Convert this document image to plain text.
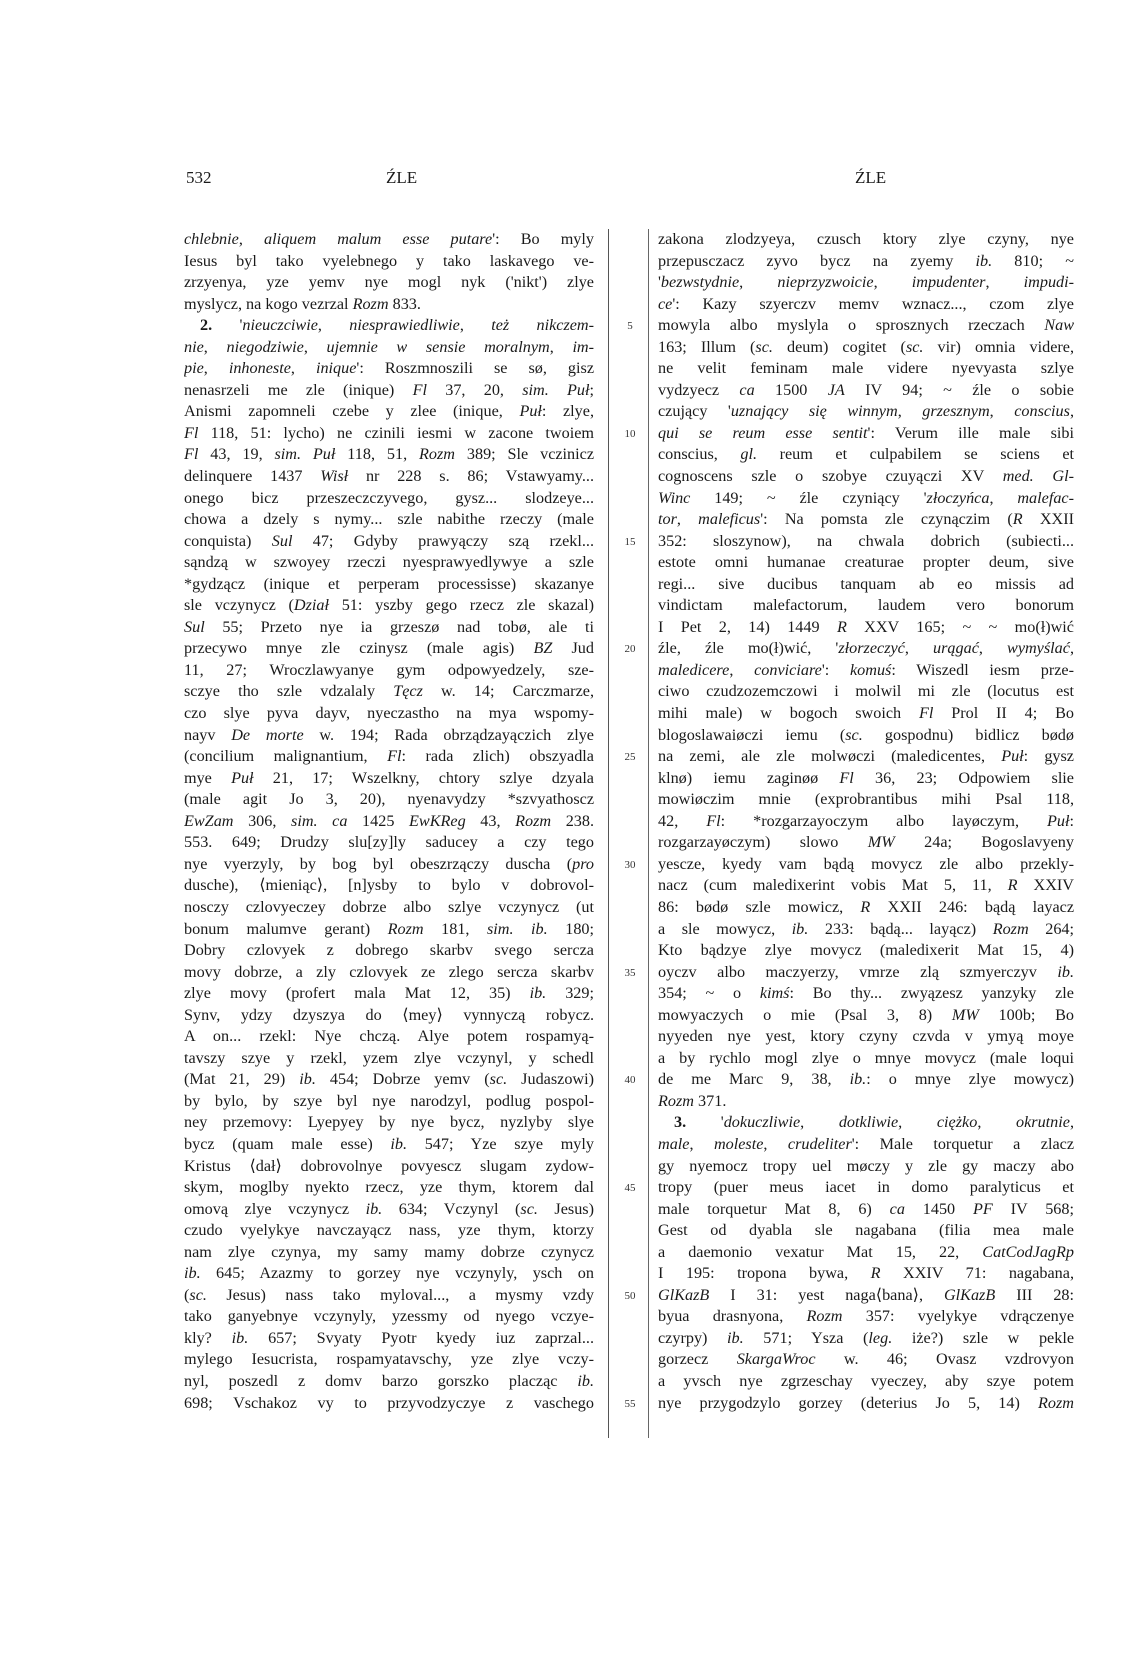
532	ŹLE	ŹLE
chlebnie, aliquem malum esse putare': Bo myly
Iesus byl tako vyelebnego y tako laskavego ve-
zrzyenya, yze yemv nye mogl nyk ('nikt') zlye
myslycz, na kogo vezrzal Rozm 833.
2. 'nieuczciwie, niesprawiedliwie, też nikczem-
nie, niegodziwie, ujemnie w sensie moralnym, im-
pie, inhoneste, inique': Roszmnoszili se sø, gisz
nenasrzeli me zle (inique) Fl 37, 20, sim. Puł;
Anismi zapomneli czebe y zlee (inique, Puł: zlye,
Fl 118, 51: lycho) ne czinili iesmi w zacone twoiem
Fl 43, 19, sim. Puł 118, 51, Rozm 389; Sle vczinicz
delinquere 1437 Wisł nr 228 s. 86; Vstawyamy...
onego bicz przeszeczczyvego, gysz... slodzeye...
chowa a dzely s nymy... szle nabithe rzeczy (male
conquista) Sul 47; Gdyby prawyączy szą rzekl...
sąndzą w szwoyey rzeczi nyesprawyedlywye a szle
*gydzącz (inique et perperam processisse) skazanye
sle vczynycz (Dział 51: yszby gego rzecz zle skazal)
Sul 55; Przeto nye ia grzeszø nad tobø, ale ti
przecywo mnye zle czinysz (male agis) BZ Jud
11, 27; Wroczlawyanye gym odpowyedzely, sze-
sczye tho szle vdzalaly Tęcz w. 14; Carczmarze,
czo slye pyva dayv, nyeczastho na mya wspomy-
nayv De morte w. 194; Rada obrządzayączich zlye
(concilium malignantium, Fl: rada zlich) obszyadla
mye Puł 21, 17; Wszelkny, chtory szlye dzyala
(male agit Jo 3, 20), nyenavydzy *szvyathoscz
EwZam 306, sim. ca 1425 EwKReg 43, Rozm 238.
553. 649; Drudzy slu[zy]ly saducey a czy tego
nye vyerzyly, by bog byl obeszrzączy duscha (pro
dusche), ⟨mieniąc⟩, [n]ysby to bylo v dobrovol-
nosczy czlovyeczey dobrze albo szlye vczynycz (ut
bonum malumve gerant) Rozm 181, sim. ib. 180;
Dobry czlovyek z dobrego skarbv svego sercza
movy dobrze, a zly czlovyek ze zlego sercza skarbv
zlye movy (profert mala Mat 12, 35) ib. 329;
Synv, ydzy dzyszya do ⟨mey⟩ vynnyczą robycz.
A on... rzekl: Nye chczą. Alye potem rospamyą-
tavszy szye y rzekl, yzem zlye vczynyl, y schedl
(Mat 21, 29) ib. 454; Dobrze yemv (sc. Judaszowi)
by bylo, by szye byl nye narodzyl, podlug pospol-
ney przemovy: Lyepyey by nye bycz, nyzlyby slye
bycz (quam male esse) ib. 547; Yze szye myly
Kristus ⟨dał⟩ dobrovolnye povyescz slugam zydow-
skym, moglby nyekto rzecz, yze thym, ktorem dal
omovą zlye vczynycz ib. 634; Vczynyl (sc. Jesus)
czudo vyelykye navczayącz nass, yze thym, ktorzy
nam zlye czynya, my samy mamy dobrze czynycz
ib. 645; Azazmy to gorzey nye vczynyly, ysch on
(sc. Jesus) nass tako myloval..., a mysmy vzdy
tako ganyebnye vczynyly, yzessmy od nyego vczye-
kly? ib. 657; Svyaty Pyotr kyedy iuz zaprzal...
mylego Iesucrista, rospamyatavschy, yze zlye vczy-
nyl, poszedl z domv barzo gorszko placząc ib.
698; Vschakoz vy to przyvodzyczye z vaschego
5
10
15
20
25
30
35
40
45
50
55
zakona zlodzyeya, czusch ktory zlye czyny, nye
przepusczacz zyvo bycz na zyemy ib. 810; ~
'bezwstydnie, nieprzyzwoicie, impudenter, impudi-
ce': Kazy szyerczv memv wznacz..., czom zlye
mowyla albo myslyla o sprosznych rzeczach Naw
163; Illum (sc. deum) cogitet (sc. vir) omnia videre,
ne velit feminam male videre nyevyasta szlye
vydzyecz ca 1500 JA IV 94; ~ źle o sobie
czujący 'uznający się winnym, grzesznym, conscius,
qui se reum esse sentit': Verum ille male sibi
conscius, gl. reum et culpabilem se sciens et
cognoscens szle o szobye czuyączi XV med. Gl-
Winc 149; ~ źle czyniący 'złoczyńca, malefac-
tor, maleficus': Na pomsta zle czynączim (R XXII
352: sloszynow), na chwala dobrich (subiecti...
estote omni humanae creaturae propter deum, sive
regi... sive ducibus tanquam ab eo missis ad
vindictam malefactorum, laudem vero bonorum
I Pet 2, 14) 1449 R XXV 165; ~ ~ mo(ł)wić
źle, źle mo(ł)wić, 'złorzeczyć, urągać, wymyślać,
maledicere, conviciare': komuś: Wiszedl iesm prze-
ciwo czudzozemczowi i molwil mi zle (locutus est
mihi male) w bogoch swoich Fl Prol II 4; Bo
blogoslawaiøczi iemu (sc. gospodnu) bidlicz bødø
na zemi, ale zle molwøczi (maledicentes, Puł: gysz
klnø) iemu zaginøø Fl 36, 23; Odpowiem slie
mowiøczim mnie (exprobrantibus mihi Psal 118,
42, Fl: *rozgarzayoczym albo layøczym, Puł:
rozgarzayøczym) slowo MW 24a; Bogoslavyeny
yescze, kyedy vam bądą movycz zle albo przekly-
nacz (cum maledixerint vobis Mat 5, 11, R XXIV
86: bødø szle mowicz, R XXII 246: bądą layacz
a sle mowycz, ib. 233: bądą... layącz) Rozm 264;
Kto bądzye zlye movycz (maledixerit Mat 15, 4)
oyczv albo maczyerzy, vmrze zlą szmyerczyv ib.
354; ~ o kimś: Bo thy... zwyązesz yanzyky zle
mowyaczych o mie (Psal 3, 8) MW 100b; Bo
nyyeden nye yest, ktory czyny czvda v ymyą moye
a by rychlo mogl zlye o mnye movycz (male loqui
de me Marc 9, 38, ib.: o mnye zlye mowycz)
Rozm 371.
3. 'dokuczliwie, dotkliwie, ciężko, okrutnie,
male, moleste, crudeliter': Male torquetur a zlacz
gy nyemocz tropy uel møczy y zle gy maczy abo
tropy (puer meus iacet in domo paralyticus et
male torquetur Mat 8, 6) ca 1450 PF IV 568;
Gest od dyabla sle nagabana (filia mea male
a daemonio vexatur Mat 15, 22, CatCodJagRp
I 195: tropona bywa, R XXIV 71: nagabana,
GlKazB I 31: yest naga⟨bana⟩, GlKazB III 28:
byua drasnyona, Rozm 357: vyelykye vdrączenye
czyrpy) ib. 571; Ysza (leg. iże?) szle w pekle
gorzecz SkargaWroc w. 46; Ovasz vzdrovyon
a yvsch nye zgrzeschay vyeczey, aby szye potem
nye przygodzylo gorzey (deterius Jo 5, 14) Rozm
